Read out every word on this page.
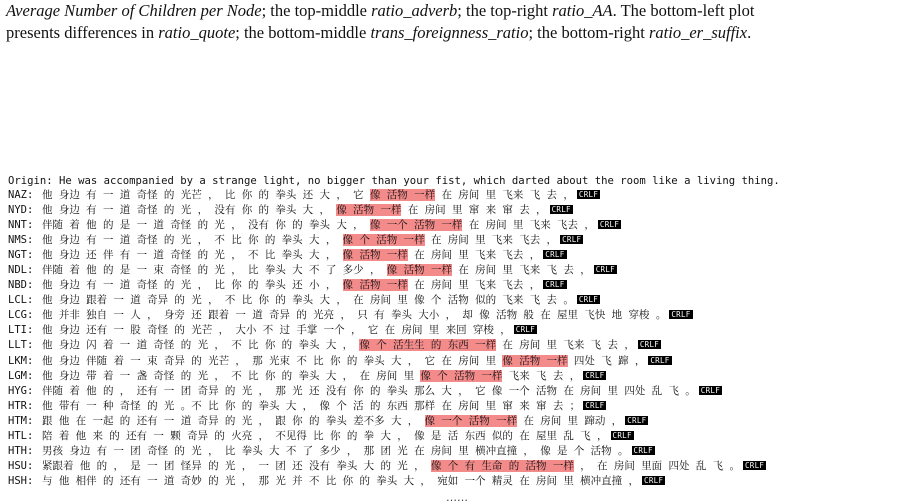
Average Number of Children per Node; the top-middle ratio_adverb; the top-right ratio_AA. The bottom-left plot
presents differences in ratio_quote; the bottom-middle trans_foreignness_ratio; the bottom-right ratio_er_suffix.
Origin: He was accompanied by a strange light, no bigger than your fist, which darted about the room like a living thing.
NAZ: 他 身边 有 一 道 奇怪 的 光芒 ， 比 你 的 拳头 还 大 ， 它 像 活物 一样 在 房间 里 飞来 飞 去 ， CRLF
NYD: 他 身边 有 一 道 奇怪 的 光 ， 没有 你 的 拳头 大 ， 像 活物 一样 在 房间 里 窜 来 窜 去 ， CRLF
NNT: 伴随 着 他 的 是 一 道 奇怪 的 光 ， 没有 你 的 拳头 大 ， 像 一个 活物 一样 在 房间 里 飞来 飞去 ， CRLF
NMS: 他 身边 有 一 道 奇怪 的 光 ， 不 比 你 的 拳头 大 ， 像 个 活物 一样 在 房间 里 飞来 飞去 ， CRLF
NGT: 他 身边 还 伴 有 一 道 奇怪 的 光 ， 不 比 拳头 大 ， 像 活物 一样 在 房间 里 飞来 飞去 ， CRLF
NDL: 伴随 着 他 的 是 一 束 奇怪 的 光 ， 比 拳头 大 不 了 多少 ， 像 活物 一样 在 房间 里 飞来 飞 去 ， CRLF
NBD: 他 身边 有 一 道 奇怪 的 光 ， 比 你 的 拳头 还 小 ， 像 活物 一样 在 房间 里 飞来 飞去 ， CRLF
LCL: 他 身边 跟着 一 道 奇异 的 光 ， 不 比 你 的 拳头 大 ， 在 房间 里 像 个 活物 似的 飞来 飞 去 。 CRLF
LCG: 他 并非 独自 一 人 ， 身旁 还 跟着 一 道 奇异 的 光亮 ， 只 有 拳头 大小 ， 却 像 活物 般 在 屋里 飞快 地 穿梭 。 CRLF
LTI: 他 身边 还有 一 股 奇怪 的 光芒 ， 大小 不 过 手掌 一个 ， 它 在 房间 里 来回 穿梭 ， CRLF
LLT: 他 身边 闪 着 一 道 奇怪 的 光 ， 不 比 你 的 拳头 大 ， 像 个 活生生 的 东西 一样 在 房间 里 飞来 飞 去 ， CRLF
LKM: 他 身边 伴随 着 一 束 奇异 的 光芒 ， 那 光束 不 比 你 的 拳头 大 ， 它 在 房间 里 像 活物 一样 四处 飞 蹿 ， CRLF
LGM: 他 身边 带 着 一 盏 奇怪 的 光 ， 不 比 你 的 拳头 大 ， 在 房间 里 像 个 活物 一样 飞来 飞 去 ， CRLF
HYG: 伴随 着 他 的 ， 还有 一 团 奇异 的 光 ， 那 光 还 没有 你 的 拳头 那么 大 ， 它 像 一个 活物 在 房间 里 四处 乱 飞 。 CRLF
HTR: 他 带有 一 种 奇怪 的 光 。不 比 你 的 拳头 大 ， 像 个 活 的 东西 那样 在 房间 里 窜 来 窜 去 ； CRLF
HTM: 跟 他 在 一起 的 还有 一 道 奇异 的 光 ， 跟 你 的 拳头 差不多 大 ， 像 一个 活物 一样 在 房间 里 蹿动 ， CRLF
HTL: 陪 着 他 来 的 还有 一 颗 奇异 的 火亮 ， 不见得 比 你 的 拳 大 ， 像 是 活 东西 似的 在 屋里 乱 飞 ， CRLF
HTH: 男孩 身边 有 一 团 奇怪 的 光 ， 比 拳头 大 不 了 多少 ， 那 团 光 在 房间 里 横冲直撞 ， 像 是 个 活物 。 CRLF
HSU: 紧跟着 他 的 ， 是 一 团 怪异 的 光 ， 一 团 还 没有 拳头 大 的 光 ， 像 个 有 生命 的 活物 一样 ， 在 房间 里面 四处 乱 飞 。 CRLF
HSH: 与 他 相伴 的 还有 一 道 奇妙 的 光 ， 那 光 并 不 比 你 的 拳头 大 ， 宛如 一个 精灵 在 房间 里 横冲直撞 ， CRLF
……
